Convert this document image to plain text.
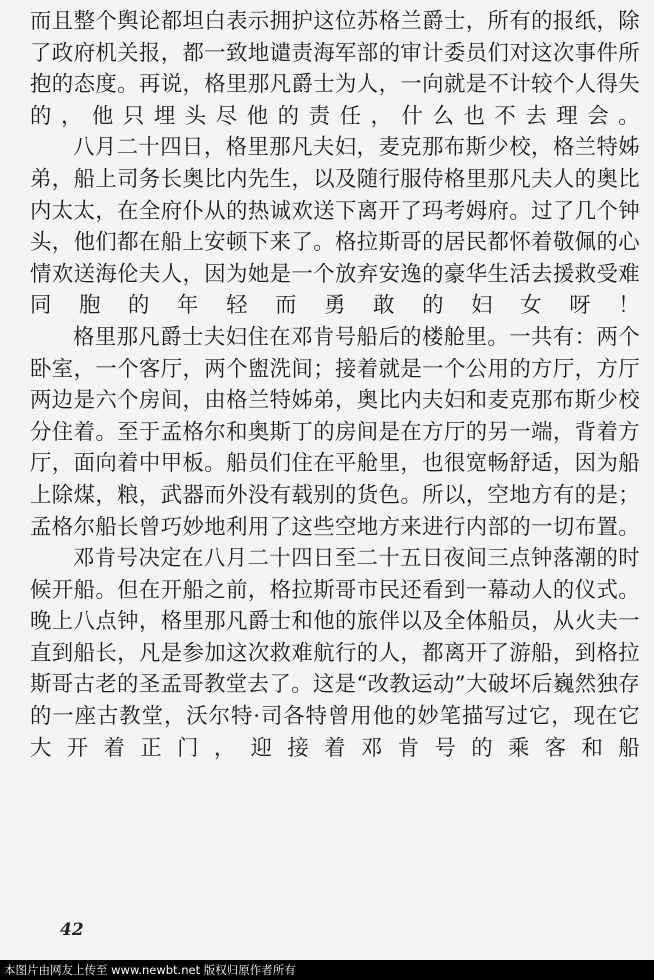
而且整个舆论都坦白表示拥护这位苏格兰爵士，所有的报纸，除了政府机关报，都一致地谴责海军部的审计委员们对这次事件所抱的态度。再说，格里那凡爵士为人，一向就是不计较个人得失的，他只埋头尽他的责任，什么也不去理会。

八月二十四日，格里那凡夫妇，麦克那布斯少校，格兰特姊弟，船上司务长奥比内先生，以及随行服侍格里那凡夫人的奥比内太太，在全府仆从的热诚欢送下离开了玛考姆府。过了几个钟头，他们都在船上安顿下来了。格拉斯哥的居民都怀着敬佩的心情欢送海伦夫人，因为她是一个放弃安逸的豪华生活去援救受难同胞的年轻而勇敢的妇女呀！

格里那凡爵士夫妇住在邓肯号船后的楼舱里。一共有：两个卧室，一个客厅，两个盥洗间；接着就是一个公用的方厅，方厅两边是六个房间，由格兰特姊弟，奥比内夫妇和麦克那布斯少校分住着。至于孟格尔和奥斯丁的房间是在方厅的另一端，背着方厅，面向着中甲板。船员们住在平舱里，也很宽畅舒适，因为船上除煤，粮，武器而外没有载别的货色。所以，空地方有的是；孟格尔船长曾巧妙地利用了这些空地方来进行内部的一切布置。

邓肯号决定在八月二十四日至二十五日夜间三点钟落潮的时候开船。但在开船之前，格拉斯哥市民还看到一幕动人的仪式。晚上八点钟，格里那凡爵士和他的旅伴以及全体船员，从火夫一直到船长，凡是参加这次救难航行的人，都离开了游船，到格拉斯哥古老的圣孟哥教堂去了。这是“改教运动”大破坏后巍然独存的一座古教堂，沃尔特·司各特曾用他的妙笔描写过它，现在它大开着正门，迎接着邓肯号的乘客和船

42
本图片由网友上传至 www.newbt.net 版权归原作者所有
